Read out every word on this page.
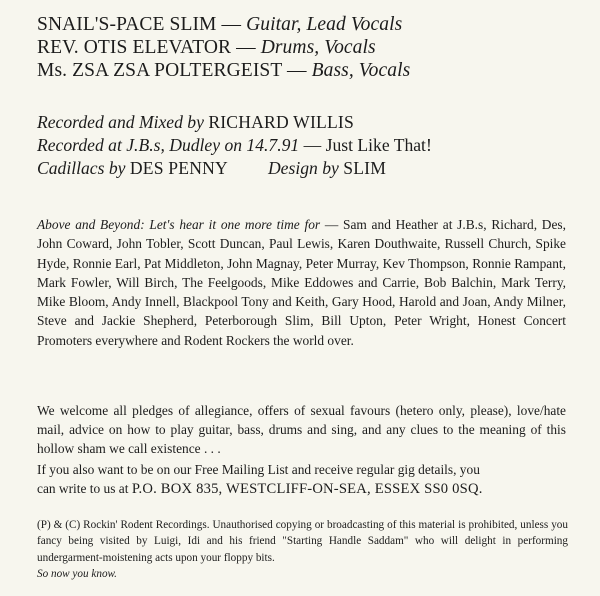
SNAIL'S-PACE SLIM — Guitar, Lead Vocals
REV. OTIS ELEVATOR — Drums, Vocals
Ms. ZSA ZSA POLTERGEIST — Bass, Vocals
Recorded and Mixed by RICHARD WILLIS
Recorded at J.B.s, Dudley on 14.7.91 — Just Like That!
Cadillacs by DES PENNY Design by SLIM
Above and Beyond: Let's hear it one more time for — Sam and Heather at J.B.s, Richard, Des, John Coward, John Tobler, Scott Duncan, Paul Lewis, Karen Douthwaite, Russell Church, Spike Hyde, Ronnie Earl, Pat Middleton, John Magnay, Peter Murray, Kev Thompson, Ronnie Rampant, Mark Fowler, Will Birch, The Feelgoods, Mike Eddowes and Carrie, Bob Balchin, Mark Terry, Mike Bloom, Andy Innell, Blackpool Tony and Keith, Gary Hood, Harold and Joan, Andy Milner, Steve and Jackie Shepherd, Peterborough Slim, Bill Upton, Peter Wright, Honest Concert Promoters everywhere and Rodent Rockers the world over.
We welcome all pledges of allegiance, offers of sexual favours (hetero only, please), love/hate mail, advice on how to play guitar, bass, drums and sing, and any clues to the meaning of this hollow sham we call existence . . .
If you also want to be on our Free Mailing List and receive regular gig details, you
can write to us at P.O. BOX 835, WESTCLIFF-ON-SEA, ESSEX SS0 0SQ.
(P) & (C) Rockin' Rodent Recordings. Unauthorised copying or broadcasting of this material is prohibited, unless you fancy being visited by Luigi, Idi and his friend "Starting Handle Saddam" who will delight in performing undergarment-moistening acts upon your floppy bits.
So now you know.
